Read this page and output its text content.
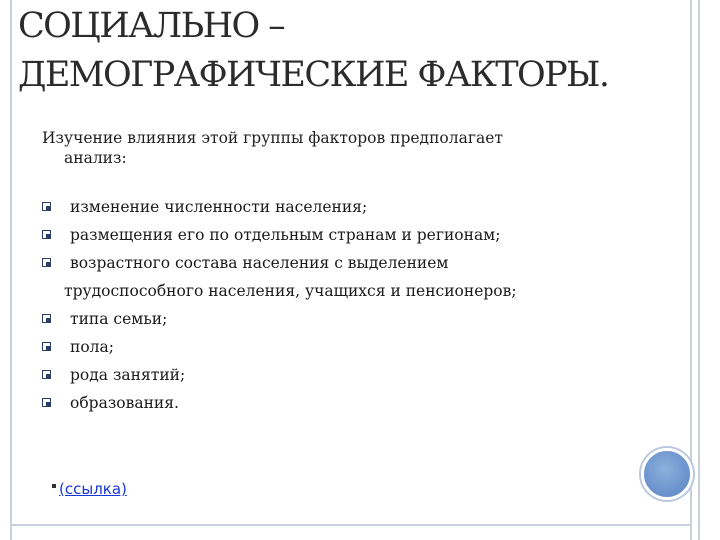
СОЦИАЛЬНО –
ДЕМОГРАФИЧЕСКИЕ ФАКТОРЫ.
Изучение влияния этой группы факторов предполагает
анализ:
изменение численности населения;
размещения его по отдельным странам и регионам;
возрастного состава населения с выделением
трудоспособного населения, учащихся и пенсионеров;
типа семьи;
пола;
рода занятий;
образования.
(ссылка)
